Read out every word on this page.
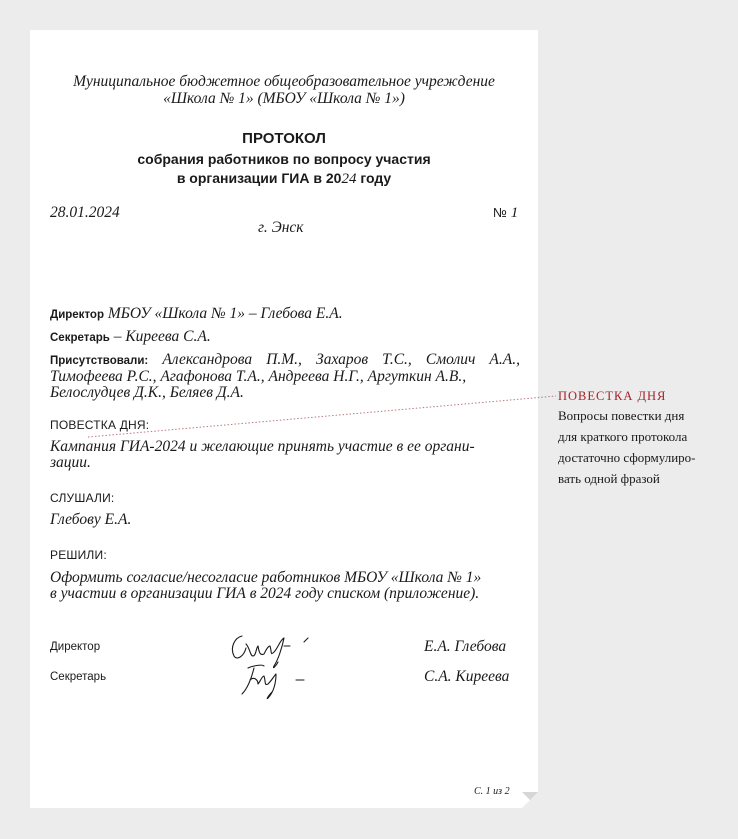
Муниципальное бюджетное общеобразовательное учреждение
«Школа № 1» (МБОУ «Школа № 1»)
ПРОТОКОЛ
собрания работников по вопросу участия
в организации ГИА в 2024 году
28.01.2024	№ 1
г. Энск
Директор МБОУ «Школа № 1» – Глебова Е.А.
Секретарь – Киреева С.А.
Присутствовали: Александрова П.М., Захаров Т.С., Смолич А.А.,
Тимофеева Р.С., Агафонова Т.А., Андреева Н.Г., Аргуткин А.В.,
Белослудцев Д.К., Беляев Д.А.
ПОВЕСТКА ДНЯ:
Кампания ГИА-2024 и желающие принять участие в ее органи-
зации.
СЛУШАЛИ:
Глебову Е.А.
РЕШИЛИ:
Оформить согласие/несогласие работников МБОУ «Школа № 1»
в участии в организации ГИА в 2024 году списком (приложение).
Директор	Е.А. Глебова
Секретарь	С.А. Киреева
С. 1 из 2
ПОВЕСТКА ДНЯ
Вопросы повестки дня
для краткого протокола
достаточно сформулиро-
вать одной фразой
